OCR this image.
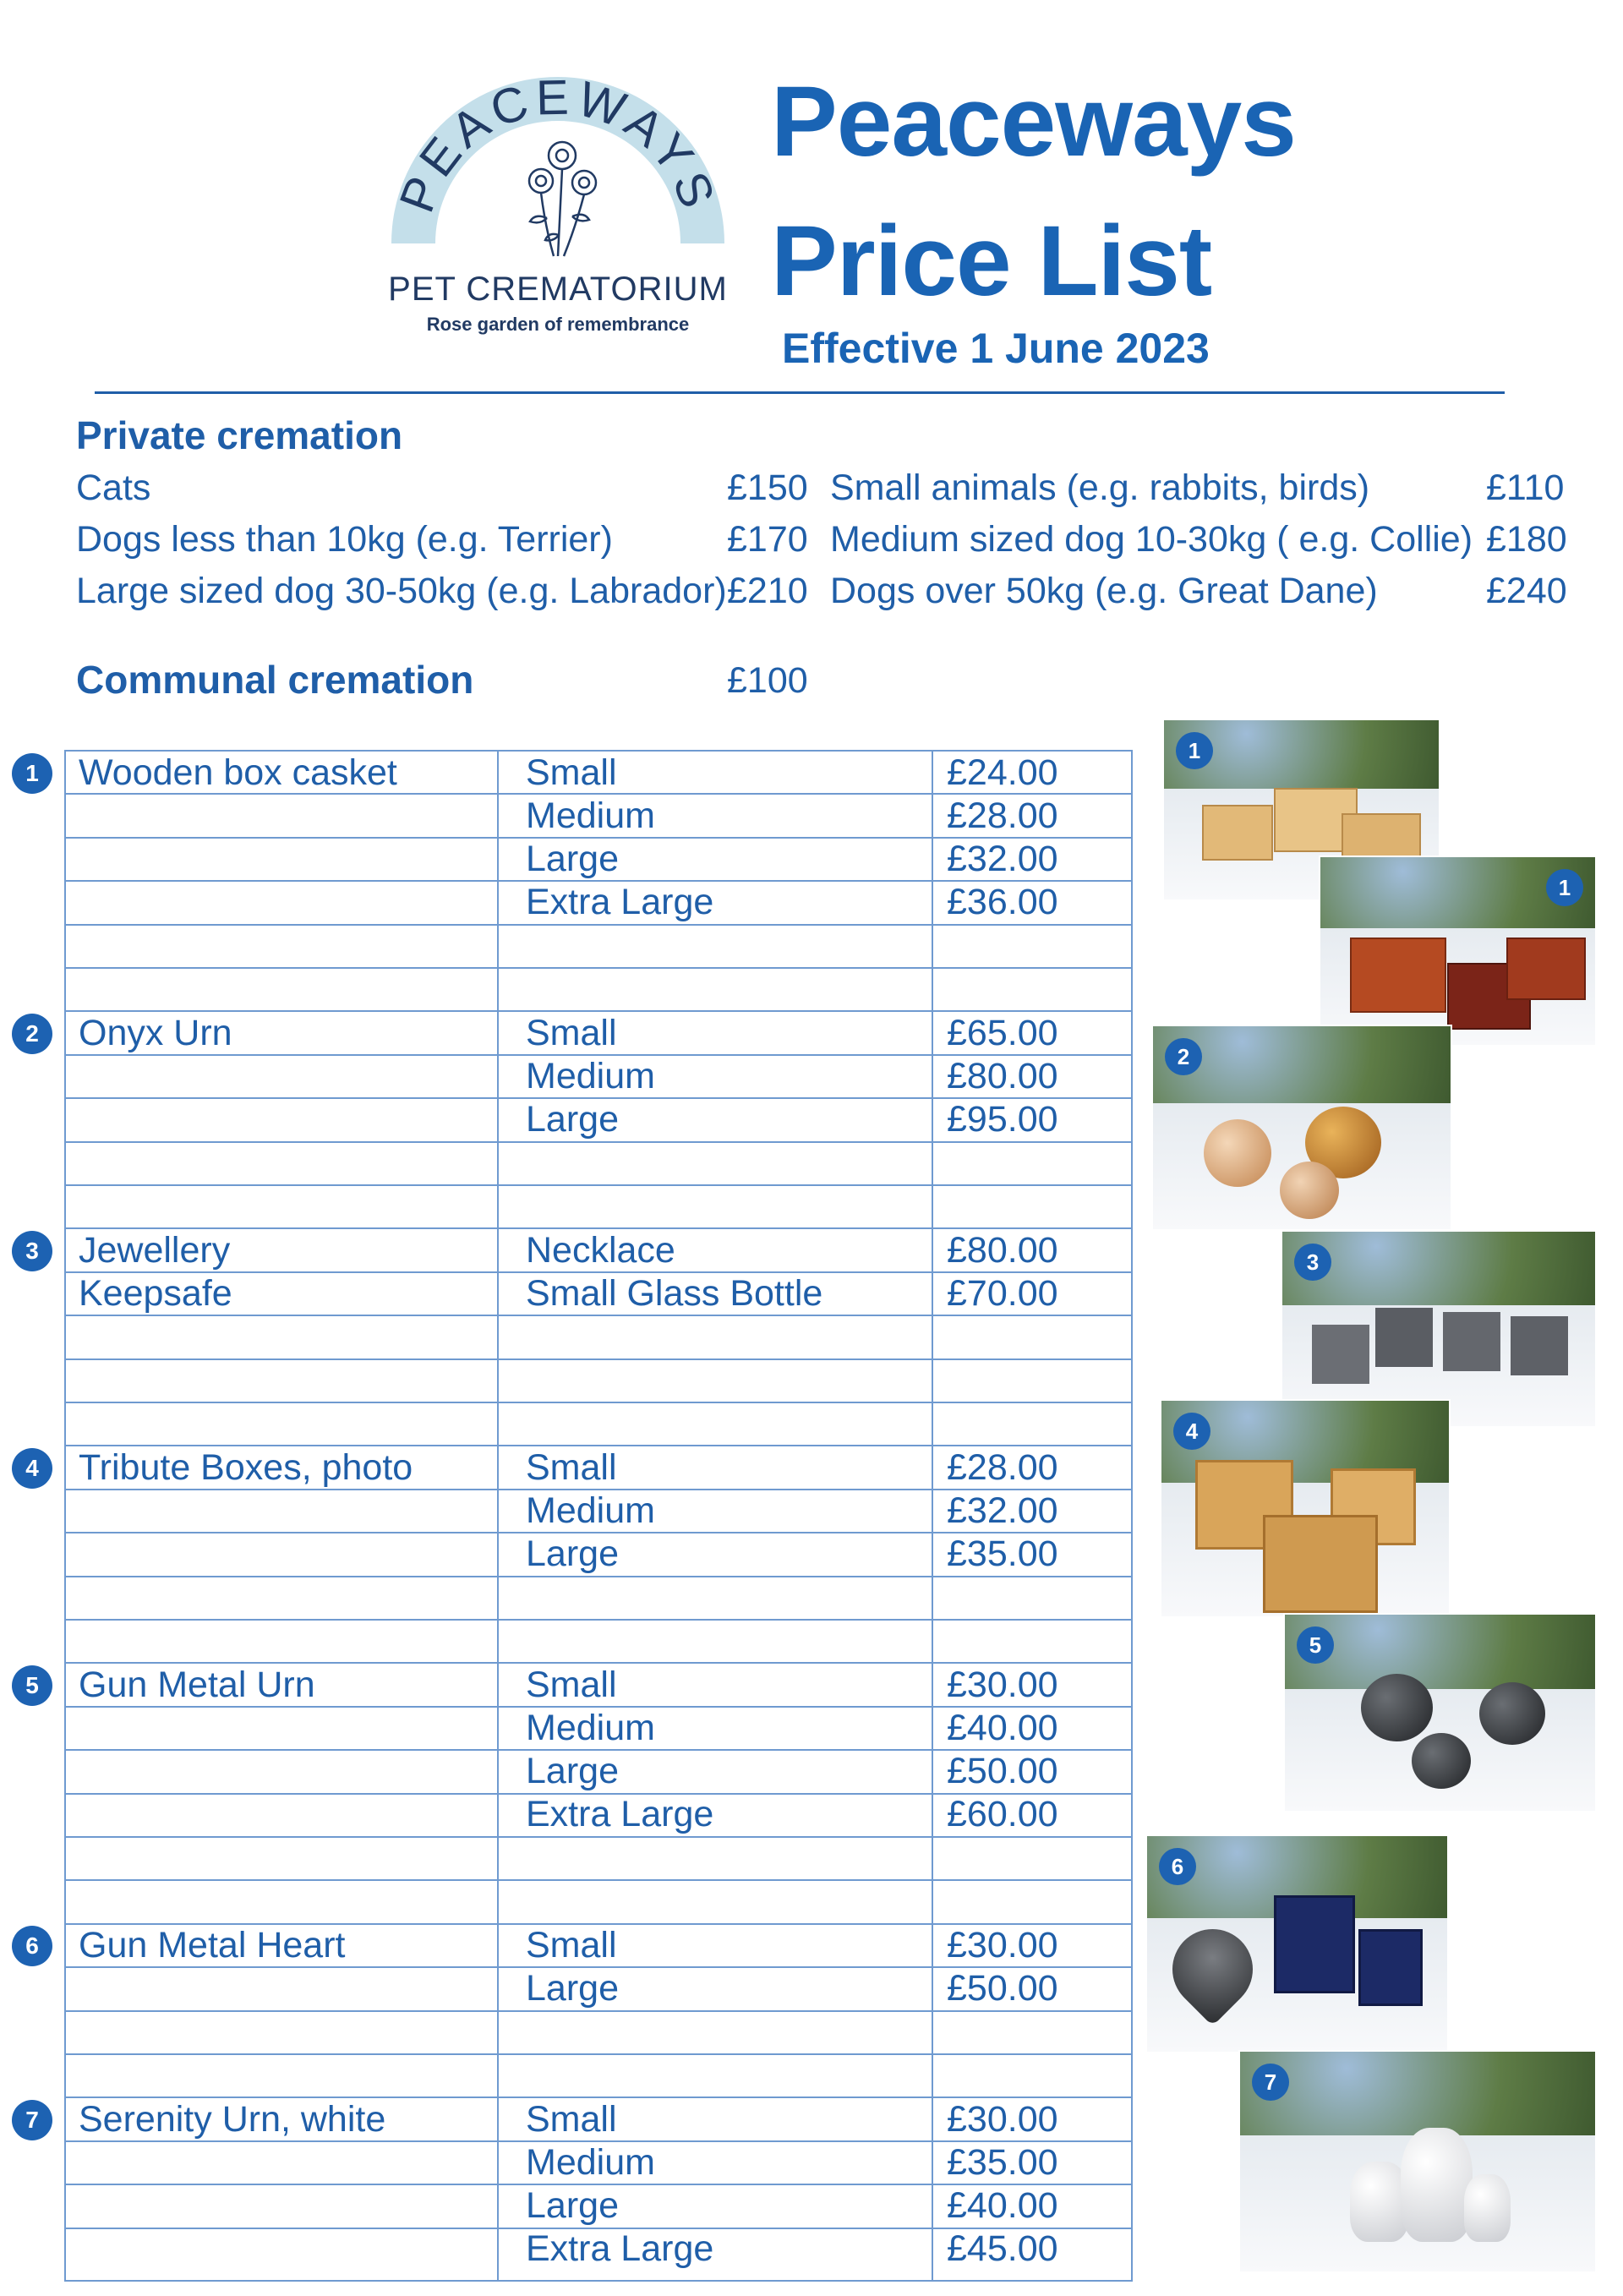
PEACEWAYS
PET CREMATORIUM
Rose garden of remembrance
Peaceways
Price List
Effective 1 June 2023
Private cremation
Cats	£150 Small animals (e.g. rabbits, birds)	£110
Dogs less than 10kg (e.g. Terrier)	£170 Medium sized dog 10-30kg ( e.g. Collie) £180
Large sized dog 30-50kg (e.g. Labrador) £210 Dogs over 50kg (e.g. Great Dane)	£240
Communal cremation	£100
Wooden box casket	Small	£24.00
Medium	£28.00
Large	£32.00
Extra Large	£36.00
Onyx Urn	Small	£65.00
Medium	£80.00
Large	£95.00
Jewellery
Keepsafe
Necklace	£80.00
Small Glass Bottle	£70.00
Tribute Boxes, photo	Small	£28.00
Medium	£32.00
Large	£35.00
Gun Metal Urn	Small	£30.00
Medium	£40.00
Large	£50.00
Extra Large	£60.00
Gun Metal Heart	Small	£30.00
Large	£50.00
Serenity Urn, white	Small	£30.00
Medium	£35.00
Large	£40.00
Extra Large	£45.00
1
2
3
4
5
6
7
1
1
2
3
4
5
6
7
